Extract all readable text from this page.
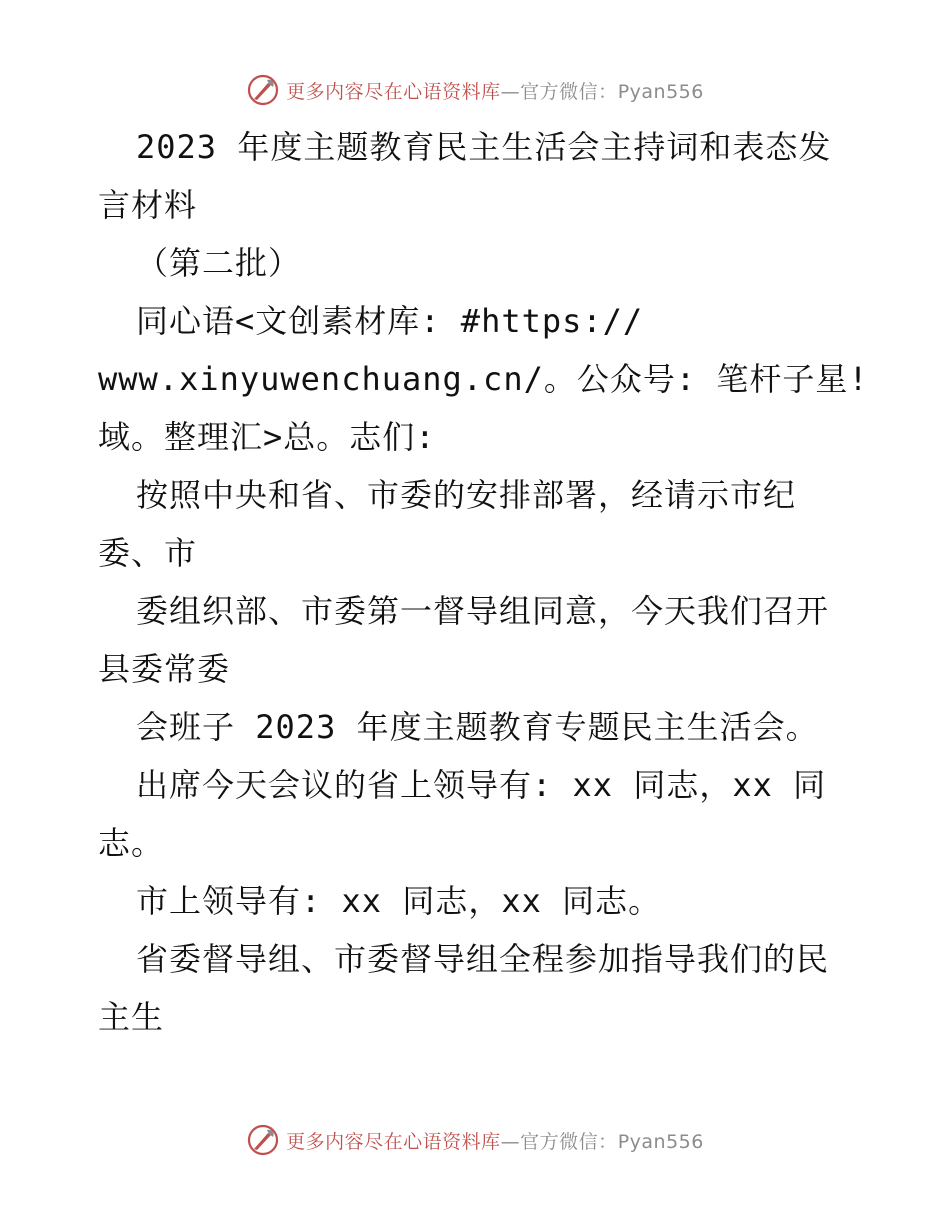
更多内容尽在心语资料库—官方微信：Pyan556
2023 年度主题教育民主生活会主持词和表态发
言材料
（第二批）
同心语<文创素材库: #https://
www.xinyuwenchuang.cn/。公众号: 笔杆子星!
域。整理汇>总。志们:
按照中央和省、市委的安排部署，经请示市纪
委、市
委组织部、市委第一督导组同意，今天我们召开
县委常委
会班子 2023 年度主题教育专题民主生活会。
出席今天会议的省上领导有: xx 同志，xx 同
志。
市上领导有: xx 同志，xx 同志。
省委督导组、市委督导组全程参加指导我们的民
主生
更多内容尽在心语资料库—官方微信：Pyan556
